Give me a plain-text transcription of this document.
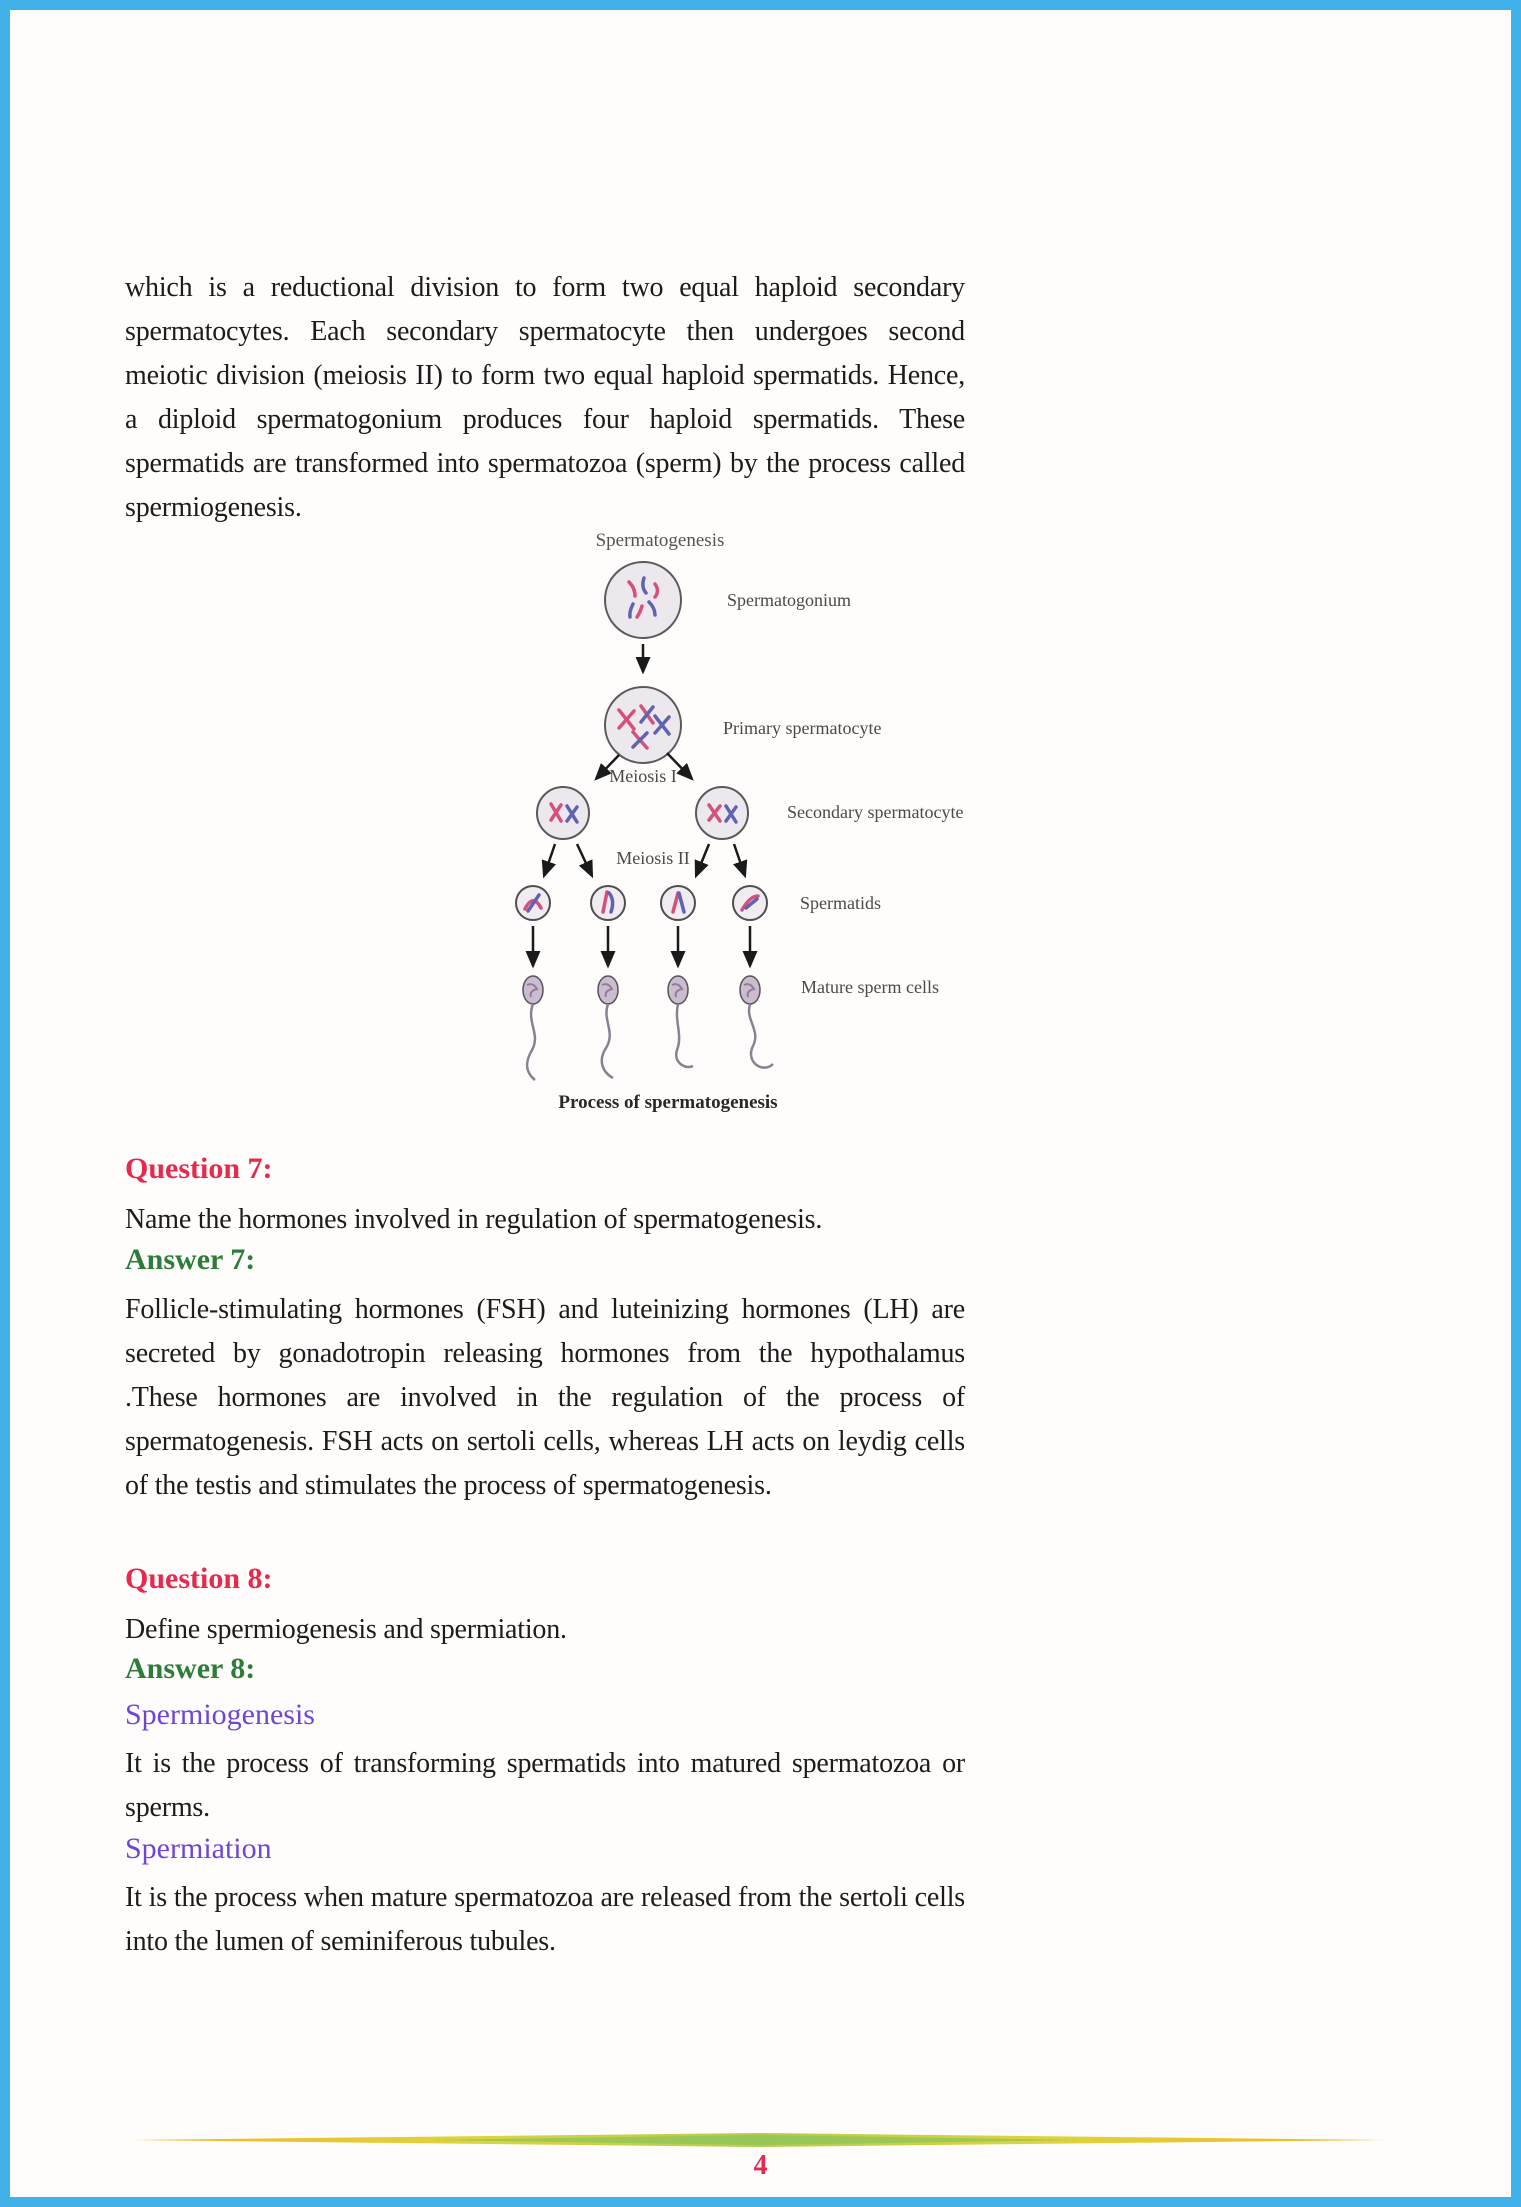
which is a reductional division to form two equal haploid secondary spermatocytes. Each secondary spermatocyte then undergoes second meiotic division (meiosis II) to form two equal haploid spermatids. Hence, a diploid spermatogonium produces four haploid spermatids. These spermatids are transformed into spermatozoa (sperm) by the process called spermiogenesis.

Spermatogenesis
Spermatogonium
Primary spermatocyte
Meiosis I
Secondary spermatocyte
Meiosis II
Spermatids
Mature sperm cells
Process of spermatogenesis
Question 7:

Name the hormones involved in regulation of spermatogenesis.

Answer 7:

Follicle-stimulating hormones (FSH) and luteinizing hormones (LH) are secreted by gonadotropin releasing hormones from the hypothalamus .These hormones are involved in the regulation of the process of spermatogenesis. FSH acts on sertoli cells, whereas LH acts on leydig cells of the testis and stimulates the process of spermatogenesis.

Question 8:

Define spermiogenesis and spermiation.

Answer 8:
Spermiogenesis

It is the process of transforming spermatids into matured spermatozoa or sperms.

Spermiation

It is the process when mature spermatozoa are released from the sertoli cells into the lumen of seminiferous tubules.

4
